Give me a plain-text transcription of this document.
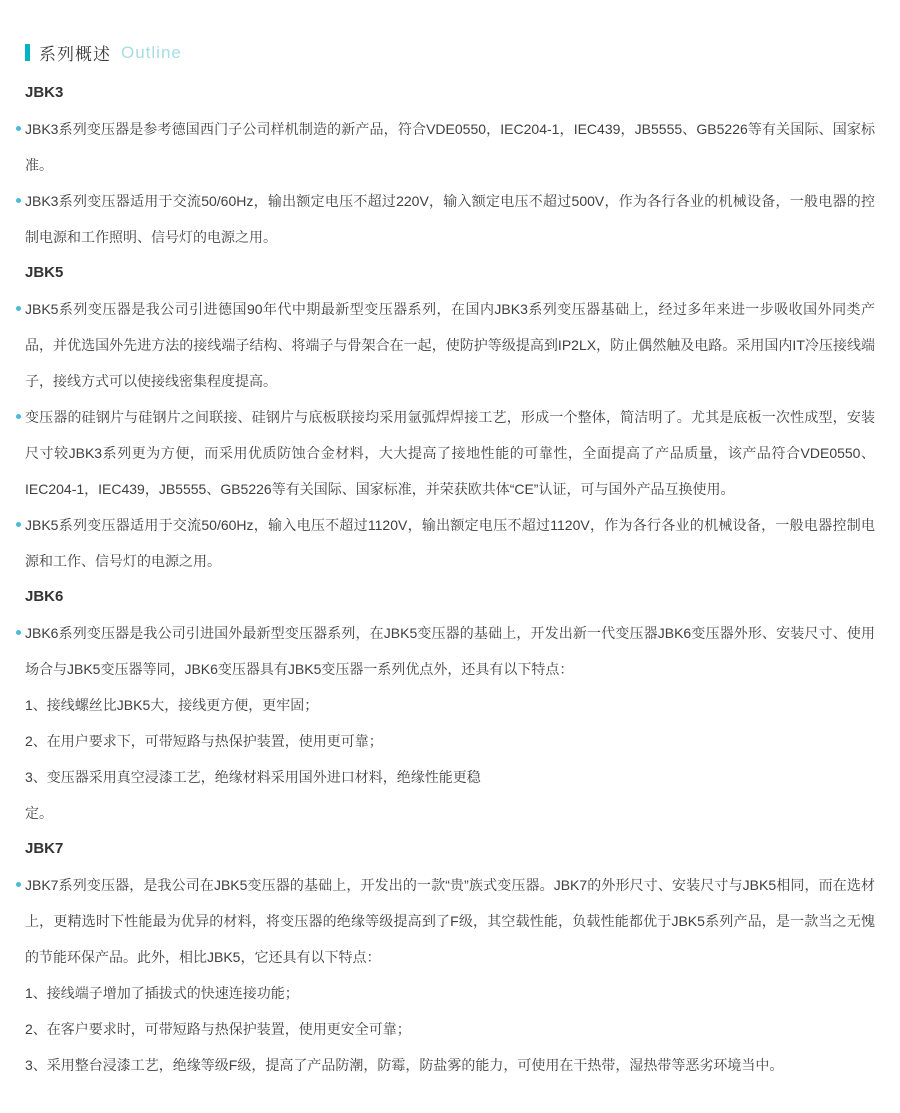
系列概述 Outline
JBK3

JBK3系列变压器是参考德国西门子公司样机制造的新产品，符合VDE0550，IEC204-1，IEC439，JB5555、GB5226等有关国际、国家标准。

JBK3系列变压器适用于交流50/60Hz，输出额定电压不超过220V，输入额定电压不超过500V，作为各行各业的机械设备，一般电器的控制电源和工作照明、信号灯的电源之用。

JBK5

JBK5系列变压器是我公司引进德国90年代中期最新型变压器系列，在国内JBK3系列变压器基础上，经过多年来进一步吸收国外同类产品，并优选国外先进方法的接线端子结构、将端子与骨架合在一起，使防护等级提高到IP2LX，防止偶然触及电路。采用国内IT冷压接线端子，接线方式可以使接线密集程度提高。

变压器的硅钢片与硅钢片之间联接、硅钢片与底板联接均采用氩弧焊焊接工艺，形成一个整体，简洁明了。尤其是底板一次性成型，安装尺寸较JBK3系列更为方便，而采用优质防蚀合金材料，大大提高了接地性能的可靠性，全面提高了产品质量，该产品符合VDE0550、IEC204-1，IEC439，JB5555、GB5226等有关国际、国家标准，并荣获欧共体“CE”认证，可与国外产品互换使用。

JBK5系列变压器适用于交流50/60Hz，输入电压不超过1120V，输出额定电压不超过1120V，作为各行各业的机械设备，一般电器控制电源和工作、信号灯的电源之用。

JBK6

JBK6系列变压器是我公司引进国外最新型变压器系列，在JBK5变压器的基础上，开发出新一代变压器JBK6变压器外形、安装尺寸、使用场合与JBK5变压器等同，JBK6变压器具有JBK5变压器一系列优点外，还具有以下特点：

1、接线螺丝比JBK5大，接线更方便，更牢固；

2、在用户要求下，可带短路与热保护装置，使用更可靠；

3、变压器采用真空浸漆工艺，绝缘材料采用国外进口材料，绝缘性能更稳

定。

JBK7

JBK7系列变压器，是我公司在JBK5变压器的基础上，开发出的一款“贵”族式变压器。JBK7的外形尺寸、安装尺寸与JBK5相同，而在选材上，更精选时下性能最为优异的材料，将变压器的绝缘等级提高到了F级，其空载性能，负载性能都优于JBK5系列产品，是一款当之无愧的节能环保产品。此外，相比JBK5，它还具有以下特点：

1、接线端子增加了插拔式的快速连接功能；

2、在客户要求时，可带短路与热保护装置，使用更安全可靠；

3、采用整台浸漆工艺，绝缘等级F级，提高了产品防潮，防霉，防盐雾的能力，可使用在干热带，湿热带等恶劣环境当中。
